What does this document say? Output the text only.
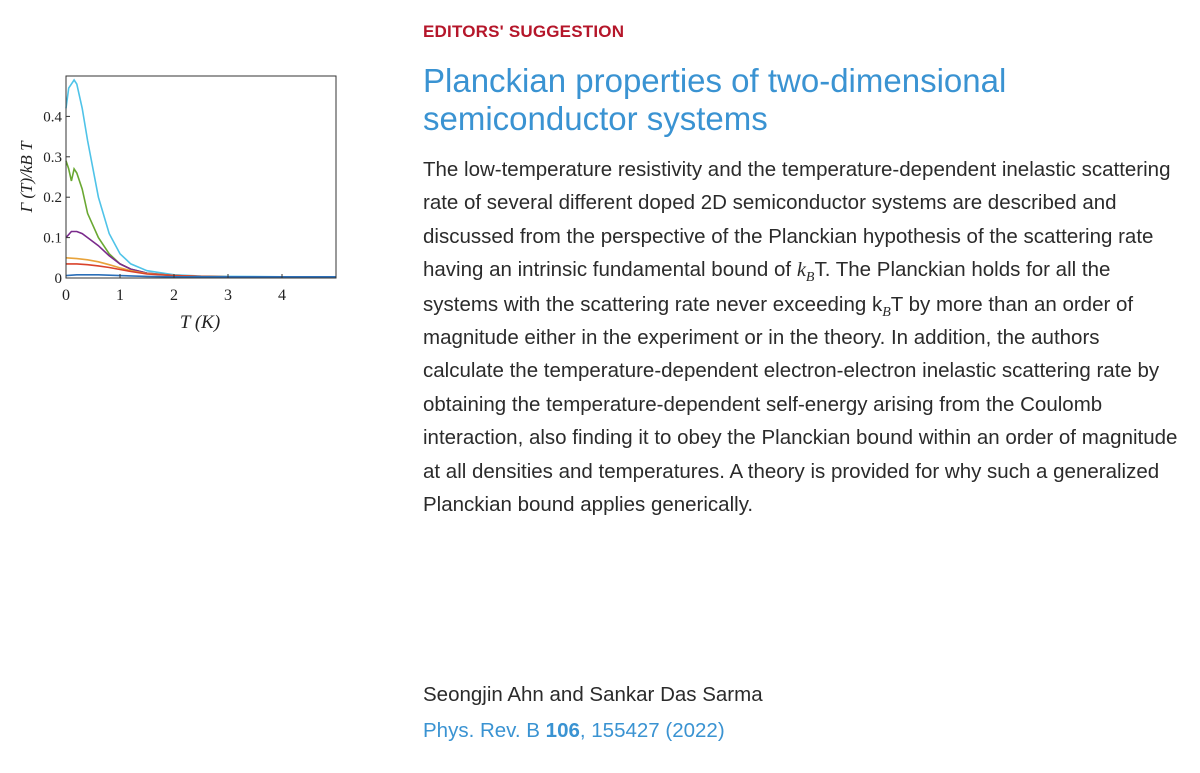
0	1	2	3	4
0
0.1
0.2
0.3
0.4
T (K)
Γ (T)/kB T
EDITORS' SUGGESTION
Planckian properties of two-dimensional semiconductor systems
The low-temperature resistivity and the temperature-dependent inelastic scattering rate of several different doped 2D semiconductor systems are described and discussed from the perspective of the Planckian hypothesis of the scattering rate having an intrinsic fundamental bound of $k_BT$. The Planckian holds for all the systems with the scattering rate never exceeding $k_BT$ by more than an order of magnitude either in the experiment or in the theory. In addition, the authors calculate the temperature-dependent electron-electron inelastic scattering rate by obtaining the temperature-dependent self-energy arising from the Coulomb interaction, also finding it to obey the Planckian bound within an order of magnitude at all densities and temperatures. A theory is provided for why such a generalized Planckian bound applies generically.
Seongjin Ahn and Sankar Das Sarma
Phys. Rev. B 106, 155427 (2022)
